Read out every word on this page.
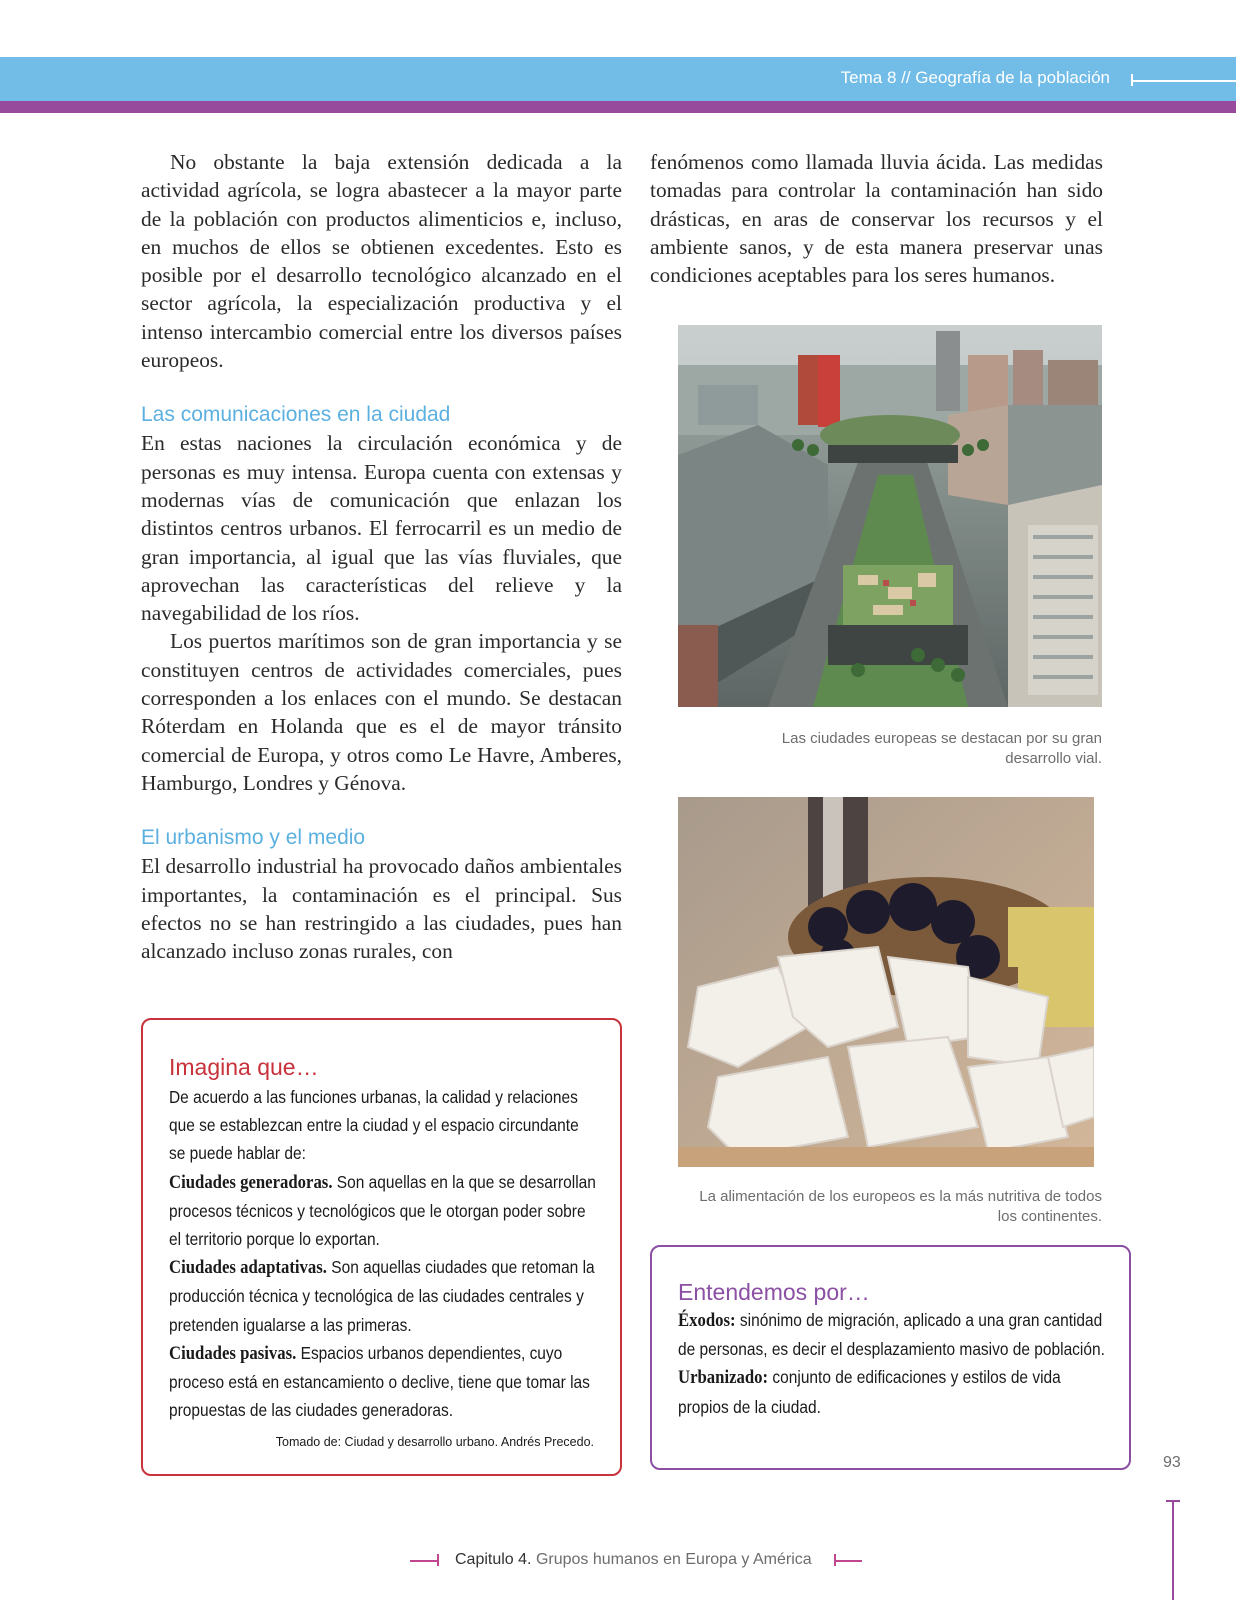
Tema 8 // Geografía de la población

No obstante la baja extensión dedicada a la actividad agrícola, se logra abastecer a la mayor parte de la población con productos alimenticios e, incluso, en muchos de ellos se obtienen excedentes. Esto es posible por el desarrollo tecnológico alcanzado en el sector agrícola, la especialización productiva y el intenso intercambio comercial entre los diversos países europeos.

Las comunicaciones en la ciudad

En estas naciones la circulación económica y de personas es muy intensa. Europa cuenta con extensas y modernas vías de comunicación que enlazan los distintos centros urbanos. El ferrocarril es un medio de gran importancia, al igual que las vías fluviales, que aprovechan las características del relieve y la navegabilidad de los ríos.

Los puertos marítimos son de gran importancia y se constituyen centros de actividades comerciales, pues corresponden a los enlaces con el mundo. Se destacan Róterdam en Holanda que es el de mayor tránsito comercial de Europa, y otros como Le Havre, Amberes, Hamburgo, Londres y Génova.

El urbanismo y el medio

El desarrollo industrial ha provocado daños ambientales importantes, la contaminación es el principal. Sus efectos no se han restringido a las ciudades, pues han alcanzado incluso zonas rurales, con

fenómenos como llamada lluvia ácida. Las medidas tomadas para controlar la contaminación han sido drásticas, en aras de conservar los recursos y el ambiente sanos, y de esta manera preservar unas condiciones aceptables para los seres humanos.

Las ciudades europeas se destacan por su gran desarrollo vial.
La alimentación de los europeos es la más nutritiva de todos los continentes.

Imagina que…

De acuerdo a las funciones urbanas, la calidad y relaciones que se establezcan entre la ciudad y el espacio circundante se puede hablar de:
Ciudades generadoras. Son aquellas en la que se desarrollan procesos técnicos y tecnológicos que le otorgan poder sobre el territorio porque lo exportan.
Ciudades adaptativas. Son aquellas ciudades que retoman la producción técnica y tecnológica de las ciudades centrales y pretenden igualarse a las primeras.
Ciudades pasivas. Espacios urbanos dependientes, cuyo proceso está en estancamiento o declive, tiene que tomar las propuestas de las ciudades generadoras.
Tomado de: Ciudad y desarrollo urbano. Andrés Precedo.

Entendemos por…

Éxodos: sinónimo de migración, aplicado a una gran cantidad de personas, es decir el desplazamiento masivo de población.
Urbanizado: conjunto de edificaciones y estilos de vida propios de la ciudad.
93
Capitulo 4. Grupos humanos en Europa y América
